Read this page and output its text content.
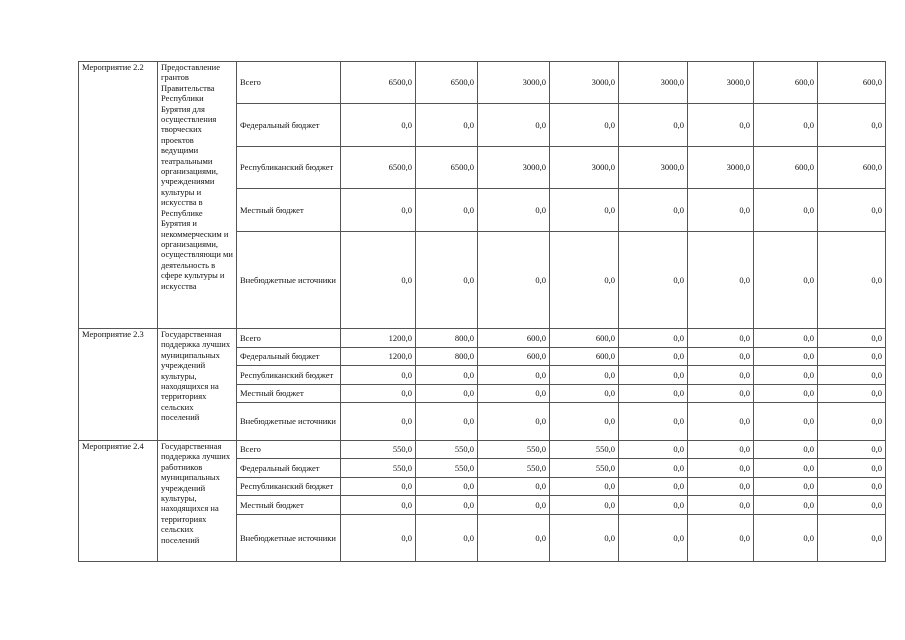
Мероприятие 2.2	Предоставление грантов Правительства Республики Бурятия для осуществления творческих проектов ведущими театральными организациями, учреждениями культуры и искусства в Республике Бурятия и некоммерческим и организациями, осуществляющи ми деятельность в сфере культуры и искусства	Всего	6500,0	6500,0	3000,0	3000,0	3000,0	3000,0	600,0	600,0
		Федеральный бюджет	0,0	0,0	0,0	0,0	0,0	0,0	0,0	0,0
		Республиканский бюджет	6500,0	6500,0	3000,0	3000,0	3000,0	3000,0	600,0	600,0
		Местный бюджет	0,0	0,0	0,0	0,0	0,0	0,0	0,0	0,0
		Внебюджетные источники	0,0	0,0	0,0	0,0	0,0	0,0	0,0	0,0
Мероприятие 2.3	Государственная поддержка лучших муниципальных учреждений культуры, находящихся на территориях сельских поселений	Всего	1200,0	800,0	600,0	600,0	0,0	0,0	0,0	0,0
		Федеральный бюджет	1200,0	800,0	600,0	600,0	0,0	0,0	0,0	0,0
		Республиканский бюджет	0,0	0,0	0,0	0,0	0,0	0,0	0,0	0,0
		Местный бюджет	0,0	0,0	0,0	0,0	0,0	0,0	0,0	0,0
		Внебюджетные источники	0,0	0,0	0,0	0,0	0,0	0,0	0,0	0,0
Мероприятие 2.4	Государственная поддержка лучших работников муниципальных учреждений культуры, находящихся на территориях сельских поселений	Всего	550,0	550,0	550,0	550,0	0,0	0,0	0,0	0,0
		Федеральный бюджет	550,0	550,0	550,0	550,0	0,0	0,0	0,0	0,0
		Республиканский бюджет	0,0	0,0	0,0	0,0	0,0	0,0	0,0	0,0
		Местный бюджет	0,0	0,0	0,0	0,0	0,0	0,0	0,0	0,0
		Внебюджетные источники	0,0	0,0	0,0	0,0	0,0	0,0	0,0	0,0
